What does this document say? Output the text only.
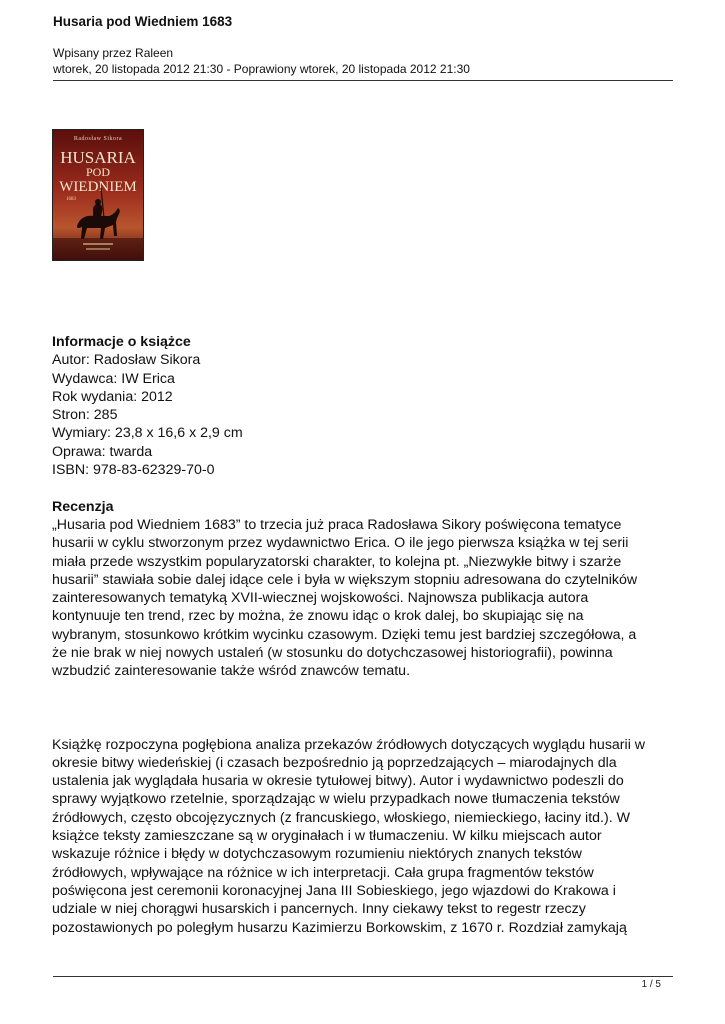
Husaria pod Wiedniem 1683
Wpisany przez Raleen
wtorek, 20 listopada 2012 21:30 - Poprawiony wtorek, 20 listopada 2012 21:30
Radosław Sikora
HUSARIA
POD
WIEDNIEM
1683
Informacje o książce
Autor: Radosław Sikora
Wydawca: IW Erica
Rok wydania: 2012
Stron: 285
Wymiary: 23,8 x 16,6 x 2,9 cm
Oprawa: twarda
ISBN: 978-83-62329-70-0
Recenzja
„Husaria pod Wiedniem 1683” to trzecia już praca Radosława Sikory poświęcona tematyce
husarii w cyklu stworzonym przez wydawnictwo Erica. O ile jego pierwsza książka w tej serii
miała przede wszystkim popularyzatorski charakter, to kolejna pt. „Niezwykłe bitwy i szarże
husarii” stawiała sobie dalej idące cele i była w większym stopniu adresowana do czytelników
zainteresowanych tematyką XVII-wiecznej wojskowości. Najnowsza publikacja autora
kontynuuje ten trend, rzec by można, że znowu idąc o krok dalej, bo skupiając się na
wybranym, stosunkowo krótkim wycinku czasowym. Dzięki temu jest bardziej szczegółowa, a
że nie brak w niej nowych ustaleń (w stosunku do dotychczasowej historiografii), powinna
wzbudzić zainteresowanie także wśród znawców tematu.
Książkę rozpoczyna pogłębiona analiza przekazów źródłowych dotyczących wyglądu husarii w
okresie bitwy wiedeńskiej (i czasach bezpośrednio ją poprzedzających – miarodajnych dla
ustalenia jak wyglądała husaria w okresie tytułowej bitwy). Autor i wydawnictwo podeszli do
sprawy wyjątkowo rzetelnie, sporządzając w wielu przypadkach nowe tłumaczenia tekstów
źródłowych, często obcojęzycznych (z francuskiego, włoskiego, niemieckiego, łaciny itd.). W
książce teksty zamieszczane są w oryginałach i w tłumaczeniu. W kilku miejscach autor
wskazuje różnice i błędy w dotychczasowym rozumieniu niektórych znanych tekstów
źródłowych, wpływające na różnice w ich interpretacji. Cała grupa fragmentów tekstów
poświęcona jest ceremonii koronacyjnej Jana III Sobieskiego, jego wjazdowi do Krakowa i
udziale w niej chorągwi husarskich i pancernych. Inny ciekawy tekst to regestr rzeczy
pozostawionych po poległym husarzu Kazimierzu Borkowskim, z 1670 r. Rozdział zamykają
1 / 5
